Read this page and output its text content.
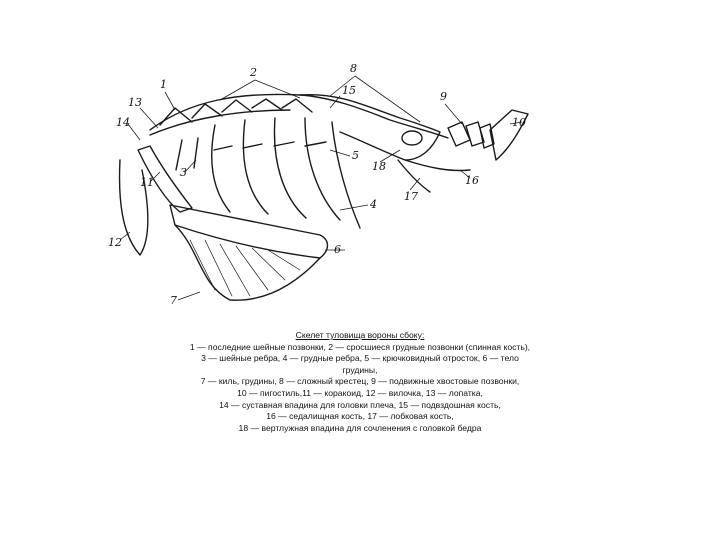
1
2
3
4
5
6
7
8
9
10
11
12
13
14
15
16
17
18
Скелет туловища вороны сбоку:
1 — последние шейные позвонки, 2 — сросшиеся грудные позвонки (спинная кость),
3 — шейные ребра, 4 — грудные ребра, 5 — крючковидный отросток, 6 — тело
грудины,
7 — киль, грудины, 8 — сложный крестец, 9 — подвижные хвостовые позвонки,
10 — пигостиль,11 — коракоид, 12 — вилочка, 13 — лопатка,
14 — суставная впадина для головки плеча, 15 — подвздошная кость,
16 — седалищная кость, 17 — лобковая кость,
18 — вертлужная впадина для сочленения с головкой бедра
